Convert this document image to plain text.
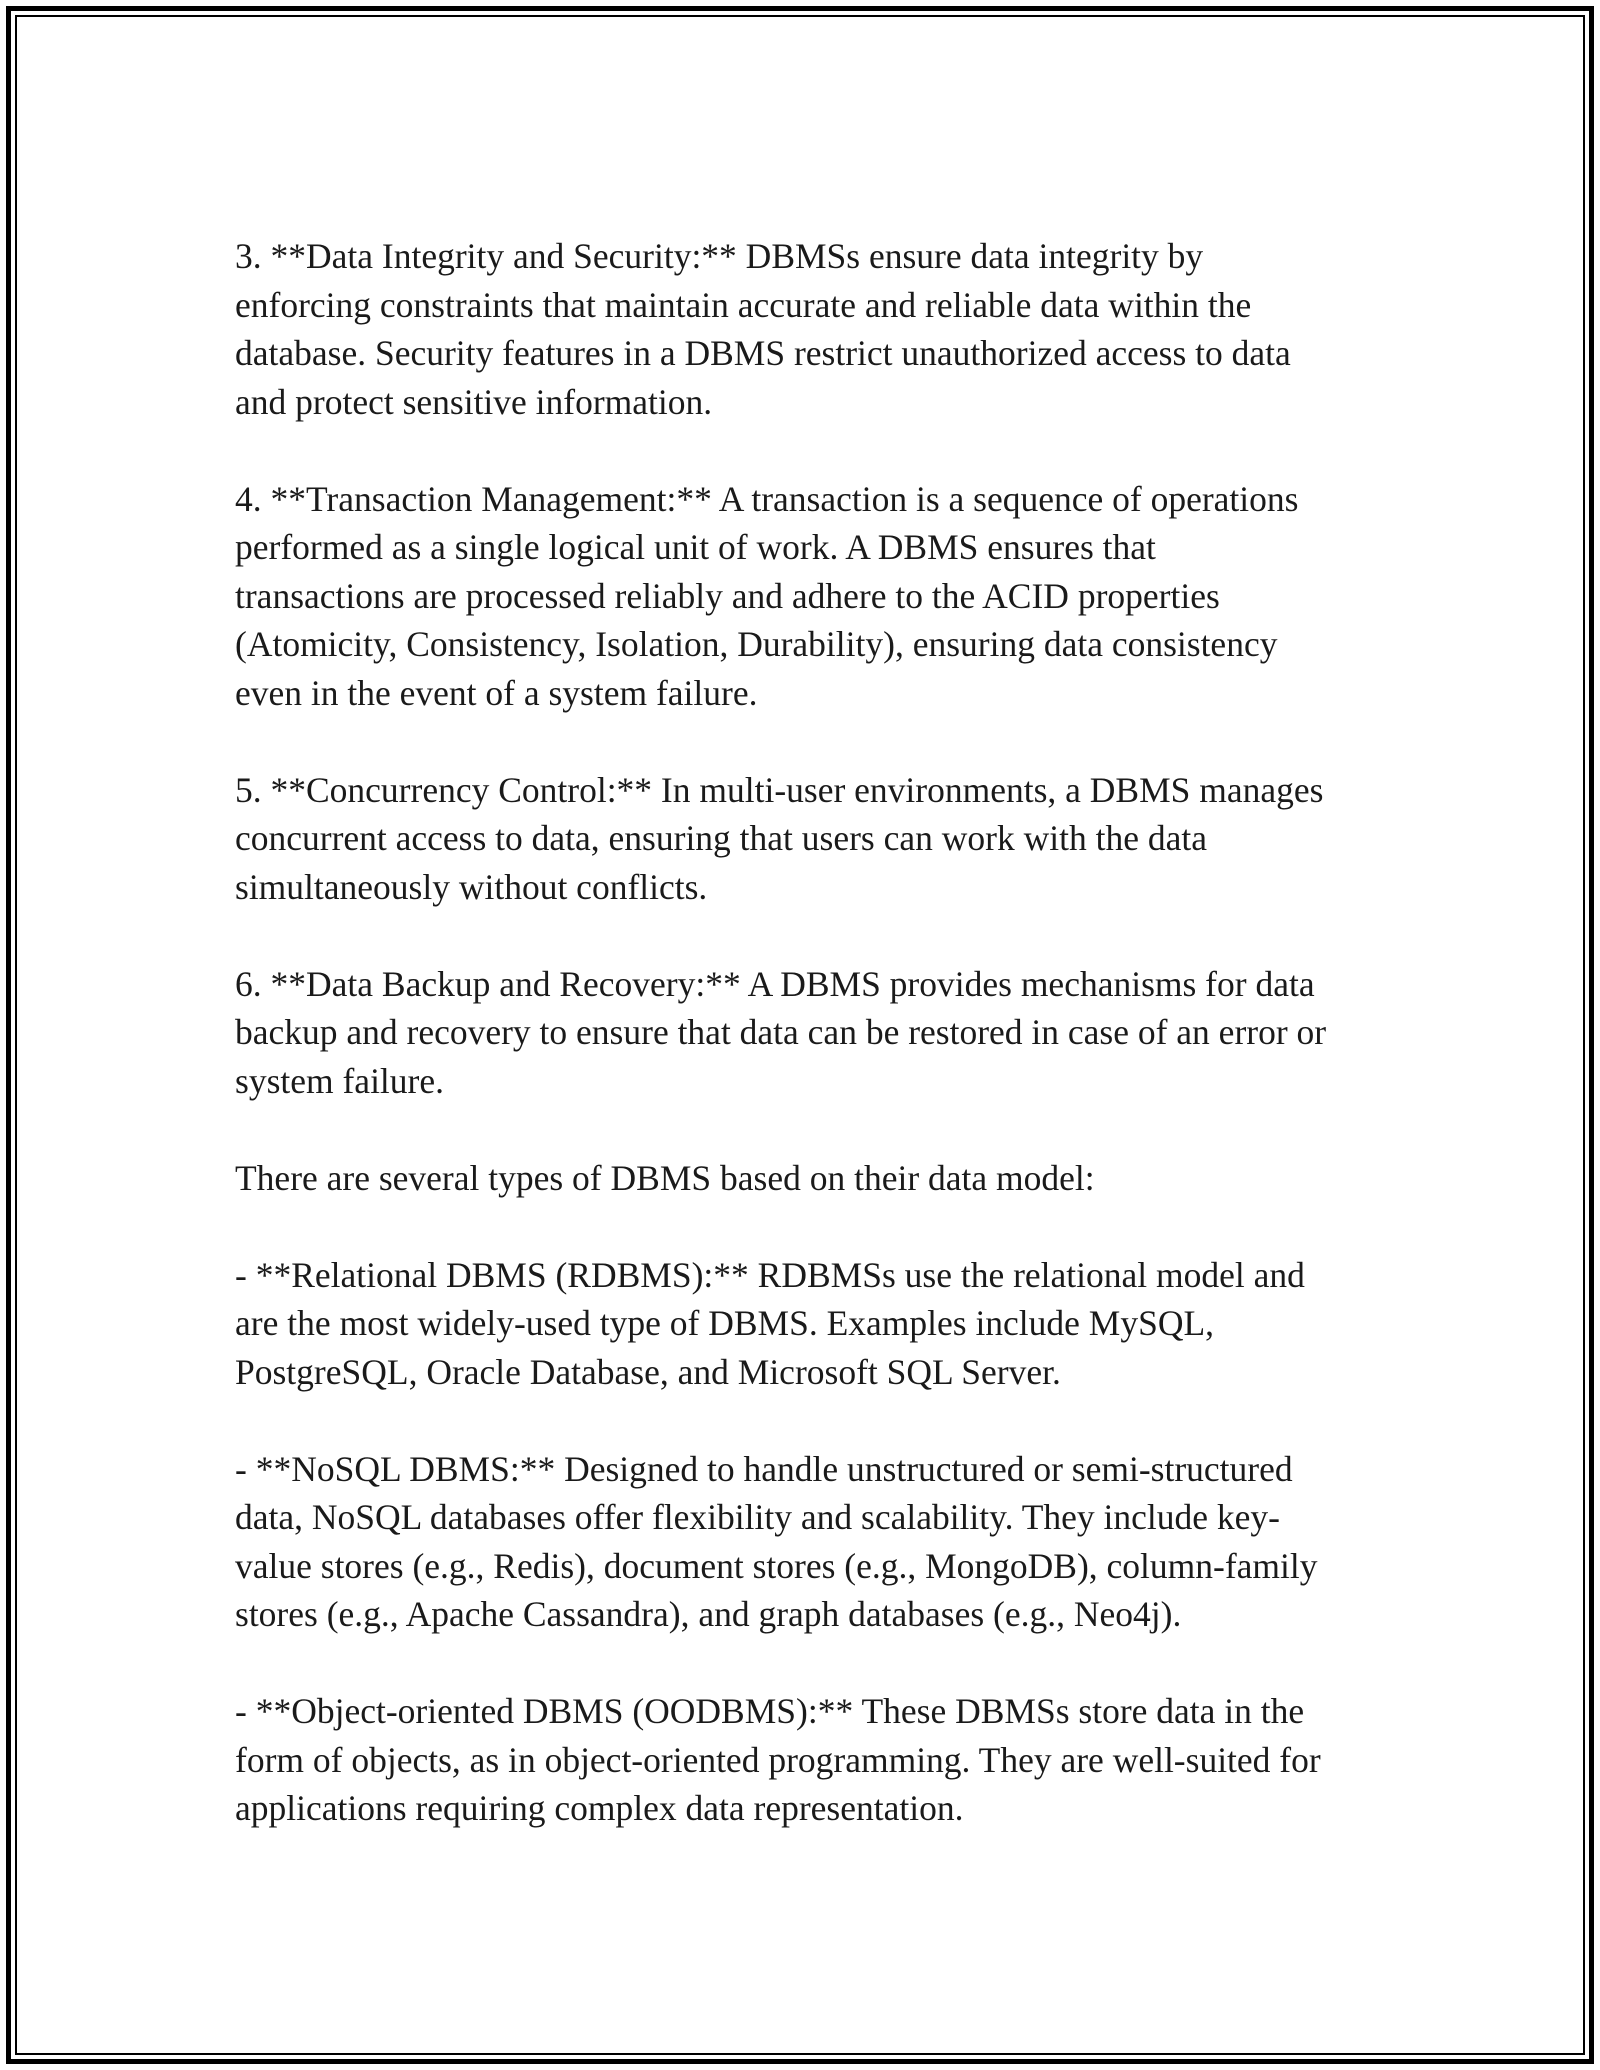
3. **Data Integrity and Security:** DBMSs ensure data integrity by
enforcing constraints that maintain accurate and reliable data within the
database. Security features in a DBMS restrict unauthorized access to data
and protect sensitive information.

4. **Transaction Management:** A transaction is a sequence of operations
performed as a single logical unit of work. A DBMS ensures that
transactions are processed reliably and adhere to the ACID properties
(Atomicity, Consistency, Isolation, Durability), ensuring data consistency
even in the event of a system failure.

5. **Concurrency Control:** In multi-user environments, a DBMS manages
concurrent access to data, ensuring that users can work with the data
simultaneously without conflicts.

6. **Data Backup and Recovery:** A DBMS provides mechanisms for data
backup and recovery to ensure that data can be restored in case of an error or
system failure.

There are several types of DBMS based on their data model:

- **Relational DBMS (RDBMS):** RDBMSs use the relational model and
are the most widely-used type of DBMS. Examples include MySQL,
PostgreSQL, Oracle Database, and Microsoft SQL Server.

- **NoSQL DBMS:** Designed to handle unstructured or semi-structured
data, NoSQL databases offer flexibility and scalability. They include key-
value stores (e.g., Redis), document stores (e.g., MongoDB), column-family
stores (e.g., Apache Cassandra), and graph databases (e.g., Neo4j).

- **Object-oriented DBMS (OODBMS):** These DBMSs store data in the
form of objects, as in object-oriented programming. They are well-suited for
applications requiring complex data representation.
